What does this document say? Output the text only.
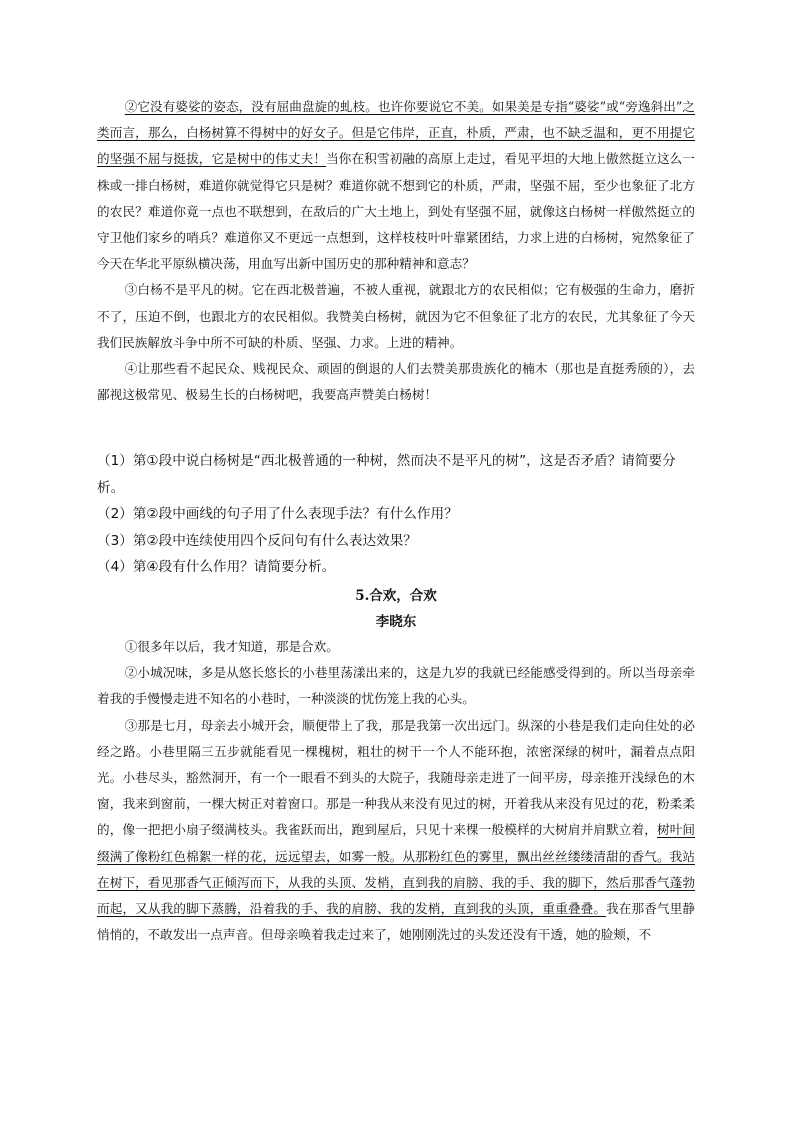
②它没有婆娑的姿态，没有屈曲盘旋的虬枝。也许你要说它不美。如果美是专指“婆娑”或“旁逸斜出”之类而言，那么，白杨树算不得树中的好女子。但是它伟岸，正直，朴质，严肃，也不缺乏温和，更不用提它的坚强不屈与挺拔，它是树中的伟丈夫！当你在积雪初融的高原上走过，看见平坦的大地上傲然挺立这么一株或一排白杨树，难道你就觉得它只是树？难道你就不想到它的朴质，严肃，坚强不屈，至少也象征了北方的农民？难道你竟一点也不联想到，在敌后的广大土地上，到处有坚强不屈，就像这白杨树一样傲然挺立的守卫他们家乡的哨兵？难道你又不更远一点想到，这样枝枝叶叶靠紧团结，力求上进的白杨树，宛然象征了今天在华北平原纵横决荡，用血写出新中国历史的那种精神和意志？

③白杨不是平凡的树。它在西北极普遍，不被人重视，就跟北方的农民相似；它有极强的生命力，磨折不了，压迫不倒，也跟北方的农民相似。我赞美白杨树，就因为它不但象征了北方的农民，尤其象征了今天我们民族解放斗争中所不可缺的朴质、坚强、力求。上进的精神。

④让那些看不起民众、贱视民众、顽固的倒退的人们去赞美那贵族化的楠木（那也是直挺秀颀的），去鄙视这极常见、极易生长的白杨树吧，我要高声赞美白杨树！

（1）第①段中说白杨树是“西北极普通的一种树，然而决不是平凡的树”，这是否矛盾？请简要分析。

（2）第②段中画线的句子用了什么表现手法？有什么作用？

（3）第②段中连续使用四个反问句有什么表达效果？

（4）第④段有什么作用？请简要分析。

5.合欢，合欢

李晓东

①很多年以后，我才知道，那是合欢。

②小城况味，多是从悠长悠长的小巷里荡漾出来的，这是九岁的我就已经能感受得到的。所以当母亲牵着我的手慢慢走进不知名的小巷时，一种淡淡的忧伤笼上我的心头。

③那是七月，母亲去小城开会，顺便带上了我，那是我第一次出远门。纵深的小巷是我们走向住处的必经之路。小巷里隔三五步就能看见一棵槐树，粗壮的树干一个人不能环抱，浓密深绿的树叶，漏着点点阳光。小巷尽头，豁然洞开，有一个一眼看不到头的大院子，我随母亲走进了一间平房，母亲推开浅绿色的木窗，我来到窗前，一棵大树正对着窗口。那是一种我从来没有见过的树，开着我从来没有见过的花，粉柔柔的，像一把把小扇子缀满枝头。我雀跃而出，跑到屋后，只见十来棵一般模样的大树肩并肩默立着，树叶间缀满了像粉红色棉絮一样的花，远远望去，如雾一般。从那粉红色的雾里，飘出丝丝缕缕清甜的香气。我站在树下，看见那香气正倾泻而下，从我的头顶、发梢，直到我的肩膀、我的手、我的脚下，然后那香气蓬勃而起，又从我的脚下蒸腾，沿着我的手、我的肩膀、我的发梢，直到我的头顶，重重叠叠。我在那香气里静悄悄的，不敢发出一点声音。但母亲唤着我走过来了，她刚刚洗过的头发还没有干透，她的脸颊，不
